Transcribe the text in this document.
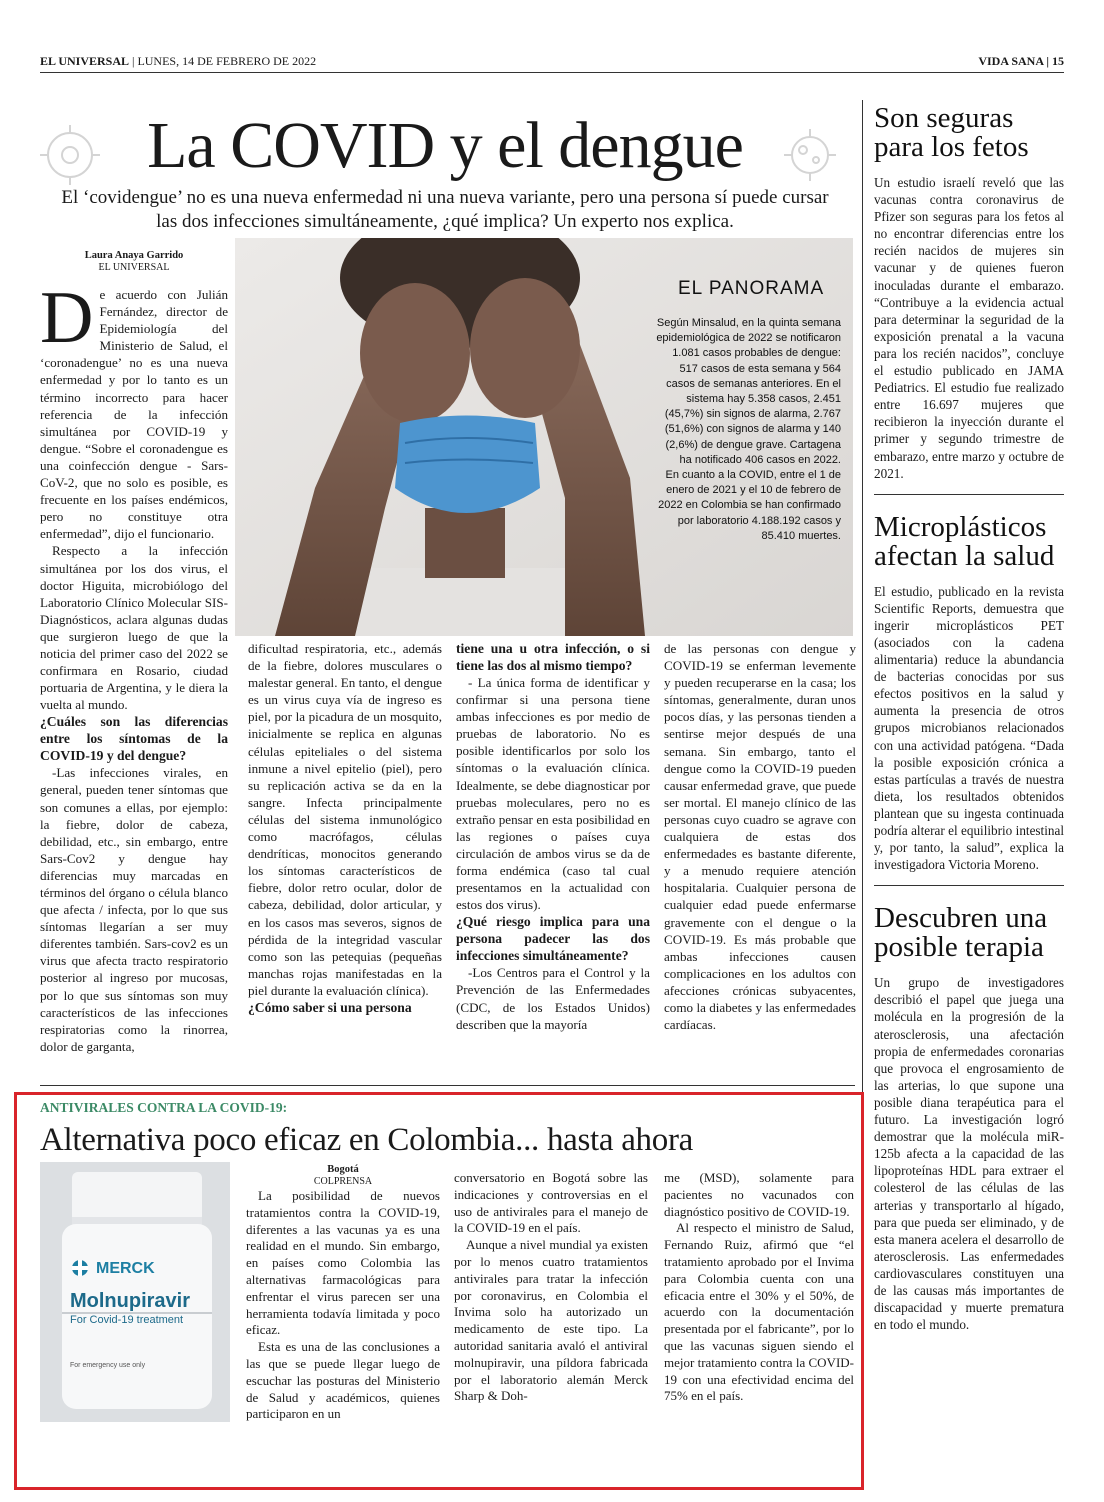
EL UNIVERSAL | LUNES, 14 DE FEBRERO DE 2022	VIDA SANA | 15
La COVID y el dengue
El ‘covidengue’ no es una nueva enfermedad ni una nueva variante, pero una persona sí puede cursar las dos infecciones simultáneamente, ¿qué implica? Un experto nos explica.
Laura Anaya Garrido
EL UNIVERSAL

De acuerdo con Julián Fernández, director de Epidemiología del Ministerio de Salud, el ‘coronadengue’ no es una nueva enfermedad y por lo tanto es un término incorrecto para hacer referencia de la infección simultánea por COVID-19 y dengue. “Sobre el coronadengue es una coinfección dengue - Sars-CoV-2, que no solo es posible, es frecuente en los países endémicos, pero no constituye otra enfermedad”, dijo el funcionario.

Respecto a la infección simultánea por los dos virus, el doctor Higuita, microbiólogo del Laboratorio Clínico Molecular SIS-Diagnósticos, aclara algunas dudas que surgieron luego de que la noticia del primer caso del 2022 se confirmara en Rosario, ciudad portuaria de Argentina, y le diera la vuelta al mundo.

¿Cuáles son las diferencias entre los síntomas de la COVID-19 y del dengue?

-Las infecciones virales, en general, pueden tener síntomas que son comunes a ellas, por ejemplo: la fiebre, dolor de cabeza, debilidad, etc., sin embargo, entre Sars-Cov2 y dengue hay diferencias muy marcadas en términos del órgano o célula blanco que afecta / infecta, por lo que sus síntomas llegarían a ser muy diferentes también. Sars-cov2 es un virus que afecta tracto respiratorio posterior al ingreso por mucosas, por lo que sus síntomas son muy característicos de las infecciones respiratorias como la rinorrea, dolor de garganta,

EL PANORAMA
Según Minsalud, en la quinta semana epidemiológica de 2022 se notificaron 1.081 casos probables de dengue: 517 casos de esta semana y 564 casos de semanas anteriores. En el sistema hay 5.358 casos, 2.451 (45,7%) sin signos de alarma, 2.767 (51,6%) con signos de alarma y 140 (2,6%) de dengue grave. Cartagena ha notificado 406 casos en 2022.
En cuanto a la COVID, entre el 1 de enero de 2021 y el 10 de febrero de 2022 en Colombia se han confirmado por laboratorio 4.188.192 casos y 85.410 muertes.

dificultad respiratoria, etc., además de la fiebre, dolores musculares o malestar general. En tanto, el dengue es un virus cuya vía de ingreso es piel, por la picadura de un mosquito, inicialmente se replica en algunas células epiteliales o del sistema inmune a nivel epitelio (piel), pero su replicación activa se da en la sangre. Infecta principalmente células del sistema inmunológico como macrófagos, células dendríticas, monocitos generando los síntomas característicos de fiebre, dolor retro ocular, dolor de cabeza, debilidad, dolor articular, y en los casos mas severos, signos de pérdida de la integridad vascular como son las petequias (pequeñas manchas rojas manifestadas en la piel durante la evaluación clínica).

¿Cómo saber si una persona
tiene una u otra infección, o si tiene las dos al mismo tiempo?

- La única forma de identificar y confirmar si una persona tiene ambas infecciones es por medio de pruebas de laboratorio. No es posible identificarlos por solo los síntomas o la evaluación clínica. Idealmente, se debe diagnosticar por pruebas moleculares, pero no es extraño pensar en esta posibilidad en las regiones o países cuya circulación de ambos virus se da de forma endémica (caso tal cual presentamos en la actualidad con estos dos virus).

¿Qué riesgo implica para una persona padecer las dos infecciones simultáneamente?

-Los Centros para el Control y la Prevención de las Enfermedades (CDC, de los Estados Unidos) describen que la mayoría

de las personas con dengue y COVID-19 se enferman levemente y pueden recuperarse en la casa; los síntomas, generalmente, duran unos pocos días, y las personas tienden a sentirse mejor después de una semana. Sin embargo, tanto el dengue como la COVID-19 pueden causar enfermedad grave, que puede ser mortal. El manejo clínico de las personas cuyo cuadro se agrave con cualquiera de estas dos enfermedades es bastante diferente, y a menudo requiere atención hospitalaria. Cualquier persona de cualquier edad puede enfermarse gravemente con el dengue o la COVID-19. Es más probable que ambas infecciones causen complicaciones en los adultos con afecciones crónicas subyacentes, como la diabetes y las enfermedades cardíacas.

Son seguras para los fetos

Un estudio israelí reveló que las vacunas contra coronavirus de Pfizer son seguras para los fetos al no encontrar diferencias entre los recién nacidos de mujeres sin vacunar y de quienes fueron inoculadas durante el embarazo. “Contribuye a la evidencia actual para determinar la seguridad de la exposición prenatal a la vacuna para los recién nacidos”, concluye el estudio publicado en JAMA Pediatrics. El estudio fue realizado entre 16.697 mujeres que recibieron la inyección durante el primer y segundo trimestre de embarazo, entre marzo y octubre de 2021.

Microplásticos afectan la salud

El estudio, publicado en la revista Scientific Reports, demuestra que ingerir microplásticos PET (asociados con la cadena alimentaria) reduce la abundancia de bacterias conocidas por sus efectos positivos en la salud y aumenta la presencia de otros grupos microbianos relacionados con una actividad patógena. “Dada la posible exposición crónica a estas partículas a través de nuestra dieta, los resultados obtenidos plantean que su ingesta continuada podría alterar el equilibrio intestinal y, por tanto, la salud”, explica la investigadora Victoria Moreno.

Descubren una posible terapia

Un grupo de investigadores describió el papel que juega una molécula en la progresión de la aterosclerosis, una afectación propia de enfermedades coronarias que provoca el engrosamiento de las arterias, lo que supone una posible diana terapéutica para el futuro. La investigación logró demostrar que la molécula miR-125b afecta a la capacidad de las lipoproteínas HDL para extraer el colesterol de las células de las arterias y transportarlo al hígado, para que pueda ser eliminado, y de esta manera acelera el desarrollo de aterosclerosis. Las enfermedades cardiovasculares constituyen una de las causas más importantes de discapacidad y muerte prematura en todo el mundo.

ANTIVIRALES CONTRA LA COVID-19:
Alternativa poco eficaz en Colombia... hasta ahora
MERCK
Molnupiravir
For Covid-19 treatment
For emergency use only
Bogotá
COLPRENSA

La posibilidad de nuevos tratamientos contra la COVID-19, diferentes a las vacunas ya es una realidad en el mundo. Sin embargo, en países como Colombia las alternativas farmacológicas para enfrentar el virus parecen ser una herramienta todavía limitada y poco eficaz.

Esta es una de las conclusiones a las que se puede llegar luego de escuchar las posturas del Ministerio de Salud y académicos, quienes participaron en un

conversatorio en Bogotá sobre las indicaciones y controversias en el uso de antivirales para el manejo de la COVID-19 en el país.

Aunque a nivel mundial ya existen por lo menos cuatro tratamientos antivirales para tratar la infección por coronavirus, en Colombia el Invima solo ha autorizado un medicamento de este tipo. La autoridad sanitaria avaló el antiviral molnupiravir, una píldora fabricada por el laboratorio alemán Merck Sharp & Doh-

me (MSD), solamente para pacientes no vacunados con diagnóstico positivo de COVID-19.

Al respecto el ministro de Salud, Fernando Ruiz, afirmó que “el tratamiento aprobado por el Invima para Colombia cuenta con una eficacia entre el 30% y el 50%, de acuerdo con la documentación presentada por el fabricante”, por lo que las vacunas siguen siendo el mejor tratamiento contra la COVID-19 con una efectividad encima del 75% en el país.
